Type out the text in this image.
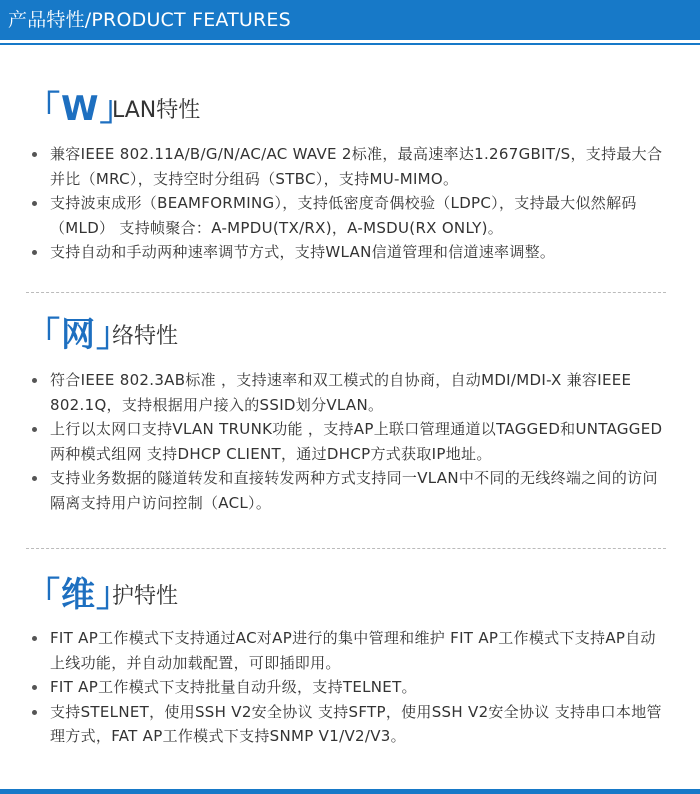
产品特性/PRODUCT FEATURES
「W」
LAN特性
兼容IEEE 802.11A/B/G/N/AC/AC WAVE 2标准，最高速率达1.267GBIT/S，支持最大合并比（MRC），支持空时分组码（STBC），支持MU-MIMO。
支持波束成形（BEAMFORMING），支持低密度奇偶校验（LDPC），支持最大似然解码（MLD） 支持帧聚合：A-MPDU(TX/RX)，A-MSDU(RX ONLY)。
支持自动和手动两种速率调节方式，支持WLAN信道管理和信道速率调整。
「网」
络特性
符合IEEE 802.3AB标准 ，支持速率和双工模式的自协商，自动MDI/MDI-X 兼容IEEE 802.1Q，支持根据用户接入的SSID划分VLAN。
上行以太网口支持VLAN TRUNK功能 ，支持AP上联口管理通道以TAGGED和UNTAGGED两种模式组网 支持DHCP CLIENT，通过DHCP方式获取IP地址。
支持业务数据的隧道转发和直接转发两种方式支持同一VLAN中不同的无线终端之间的访问隔离支持用户访问控制（ACL）。
「维」
护特性
FIT AP工作模式下支持通过AC对AP进行的集中管理和维护 FIT AP工作模式下支持AP自动上线功能，并自动加载配置，可即插即用。
FIT AP工作模式下支持批量自动升级，支持TELNET。
支持STELNET，使用SSH V2安全协议 支持SFTP，使用SSH V2安全协议 支持串口本地管理方式，FAT AP工作模式下支持SNMP V1/V2/V3。
